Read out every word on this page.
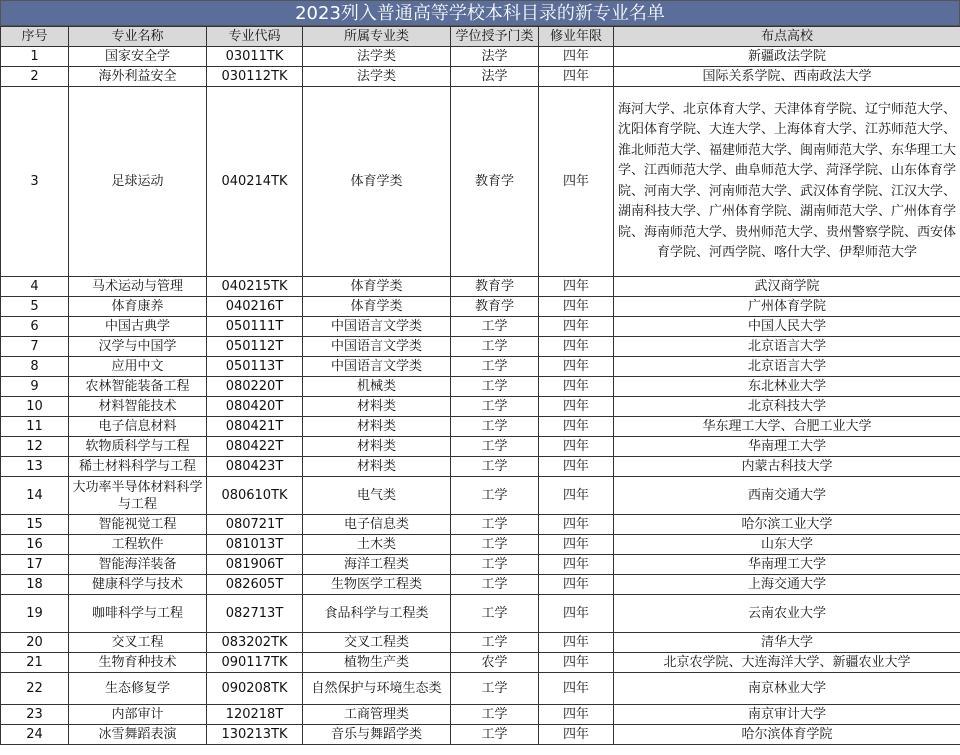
2023列入普通高等学校本科目录的新专业名单
序号	专业名称	专业代码	所属专业类	学位授予门类	修业年限	布点高校
1	国家安全学	03011TK	法学类	法学	四年	新疆政法学院
2	海外利益安全	030112TK	法学类	法学	四年	国际关系学院、西南政法大学
3	足球运动	040214TK	体育学类	教育学	四年	海河大学、北京体育大学、天津体育学院、辽宁师范大学、沈阳体育学院、大连大学、上海体育大学、江苏师范大学、淮北师范大学、福建师范大学、闽南师范大学、东华理工大学、江西师范大学、曲阜师范大学、菏泽学院、山东体育学院、河南大学、河南师范大学、武汉体育学院、江汉大学、湖南科技大学、广州体育学院、湖南师范大学、广州体育学院、海南师范大学、贵州师范大学、贵州警察学院、西安体育学院、河西学院、喀什大学、伊犁师范大学
4	马术运动与管理	040215TK	体育学类	教育学	四年	武汉商学院
5	体育康养	040216T	体育学类	教育学	四年	广州体育学院
6	中国古典学	050111T	中国语言文学类	工学	四年	中国人民大学
7	汉学与中国学	050112T	中国语言文学类	工学	四年	北京语言大学
8	应用中文	050113T	中国语言文学类	工学	四年	北京语言大学
9	农林智能装备工程	080220T	机械类	工学	四年	东北林业大学
10	材料智能技术	080420T	材料类	工学	四年	北京科技大学
11	电子信息材料	080421T	材料类	工学	四年	华东理工大学、合肥工业大学
12	软物质科学与工程	080422T	材料类	工学	四年	华南理工大学
13	稀土材料科学与工程	080423T	材料类	工学	四年	内蒙古科技大学
14	大功率半导体材料科学与工程	080610TK	电气类	工学	四年	西南交通大学
15	智能视觉工程	080721T	电子信息类	工学	四年	哈尔滨工业大学
16	工程软件	081013T	土木类	工学	四年	山东大学
17	智能海洋装备	081906T	海洋工程类	工学	四年	华南理工大学
18	健康科学与技术	082605T	生物医学工程类	工学	四年	上海交通大学
19	咖啡科学与工程	082713T	食品科学与工程类	工学	四年	云南农业大学
20	交叉工程	083202TK	交叉工程类	工学	四年	清华大学
21	生物育种技术	090117TK	植物生产类	农学	四年	北京农学院、大连海洋大学、新疆农业大学
22	生态修复学	090208TK	自然保护与环境生态类	工学	四年	南京林业大学
23	内部审计	120218T	工商管理类	工学	四年	南京审计大学
24	冰雪舞蹈表演	130213TK	音乐与舞蹈学类	工学	四年	哈尔滨体育学院
